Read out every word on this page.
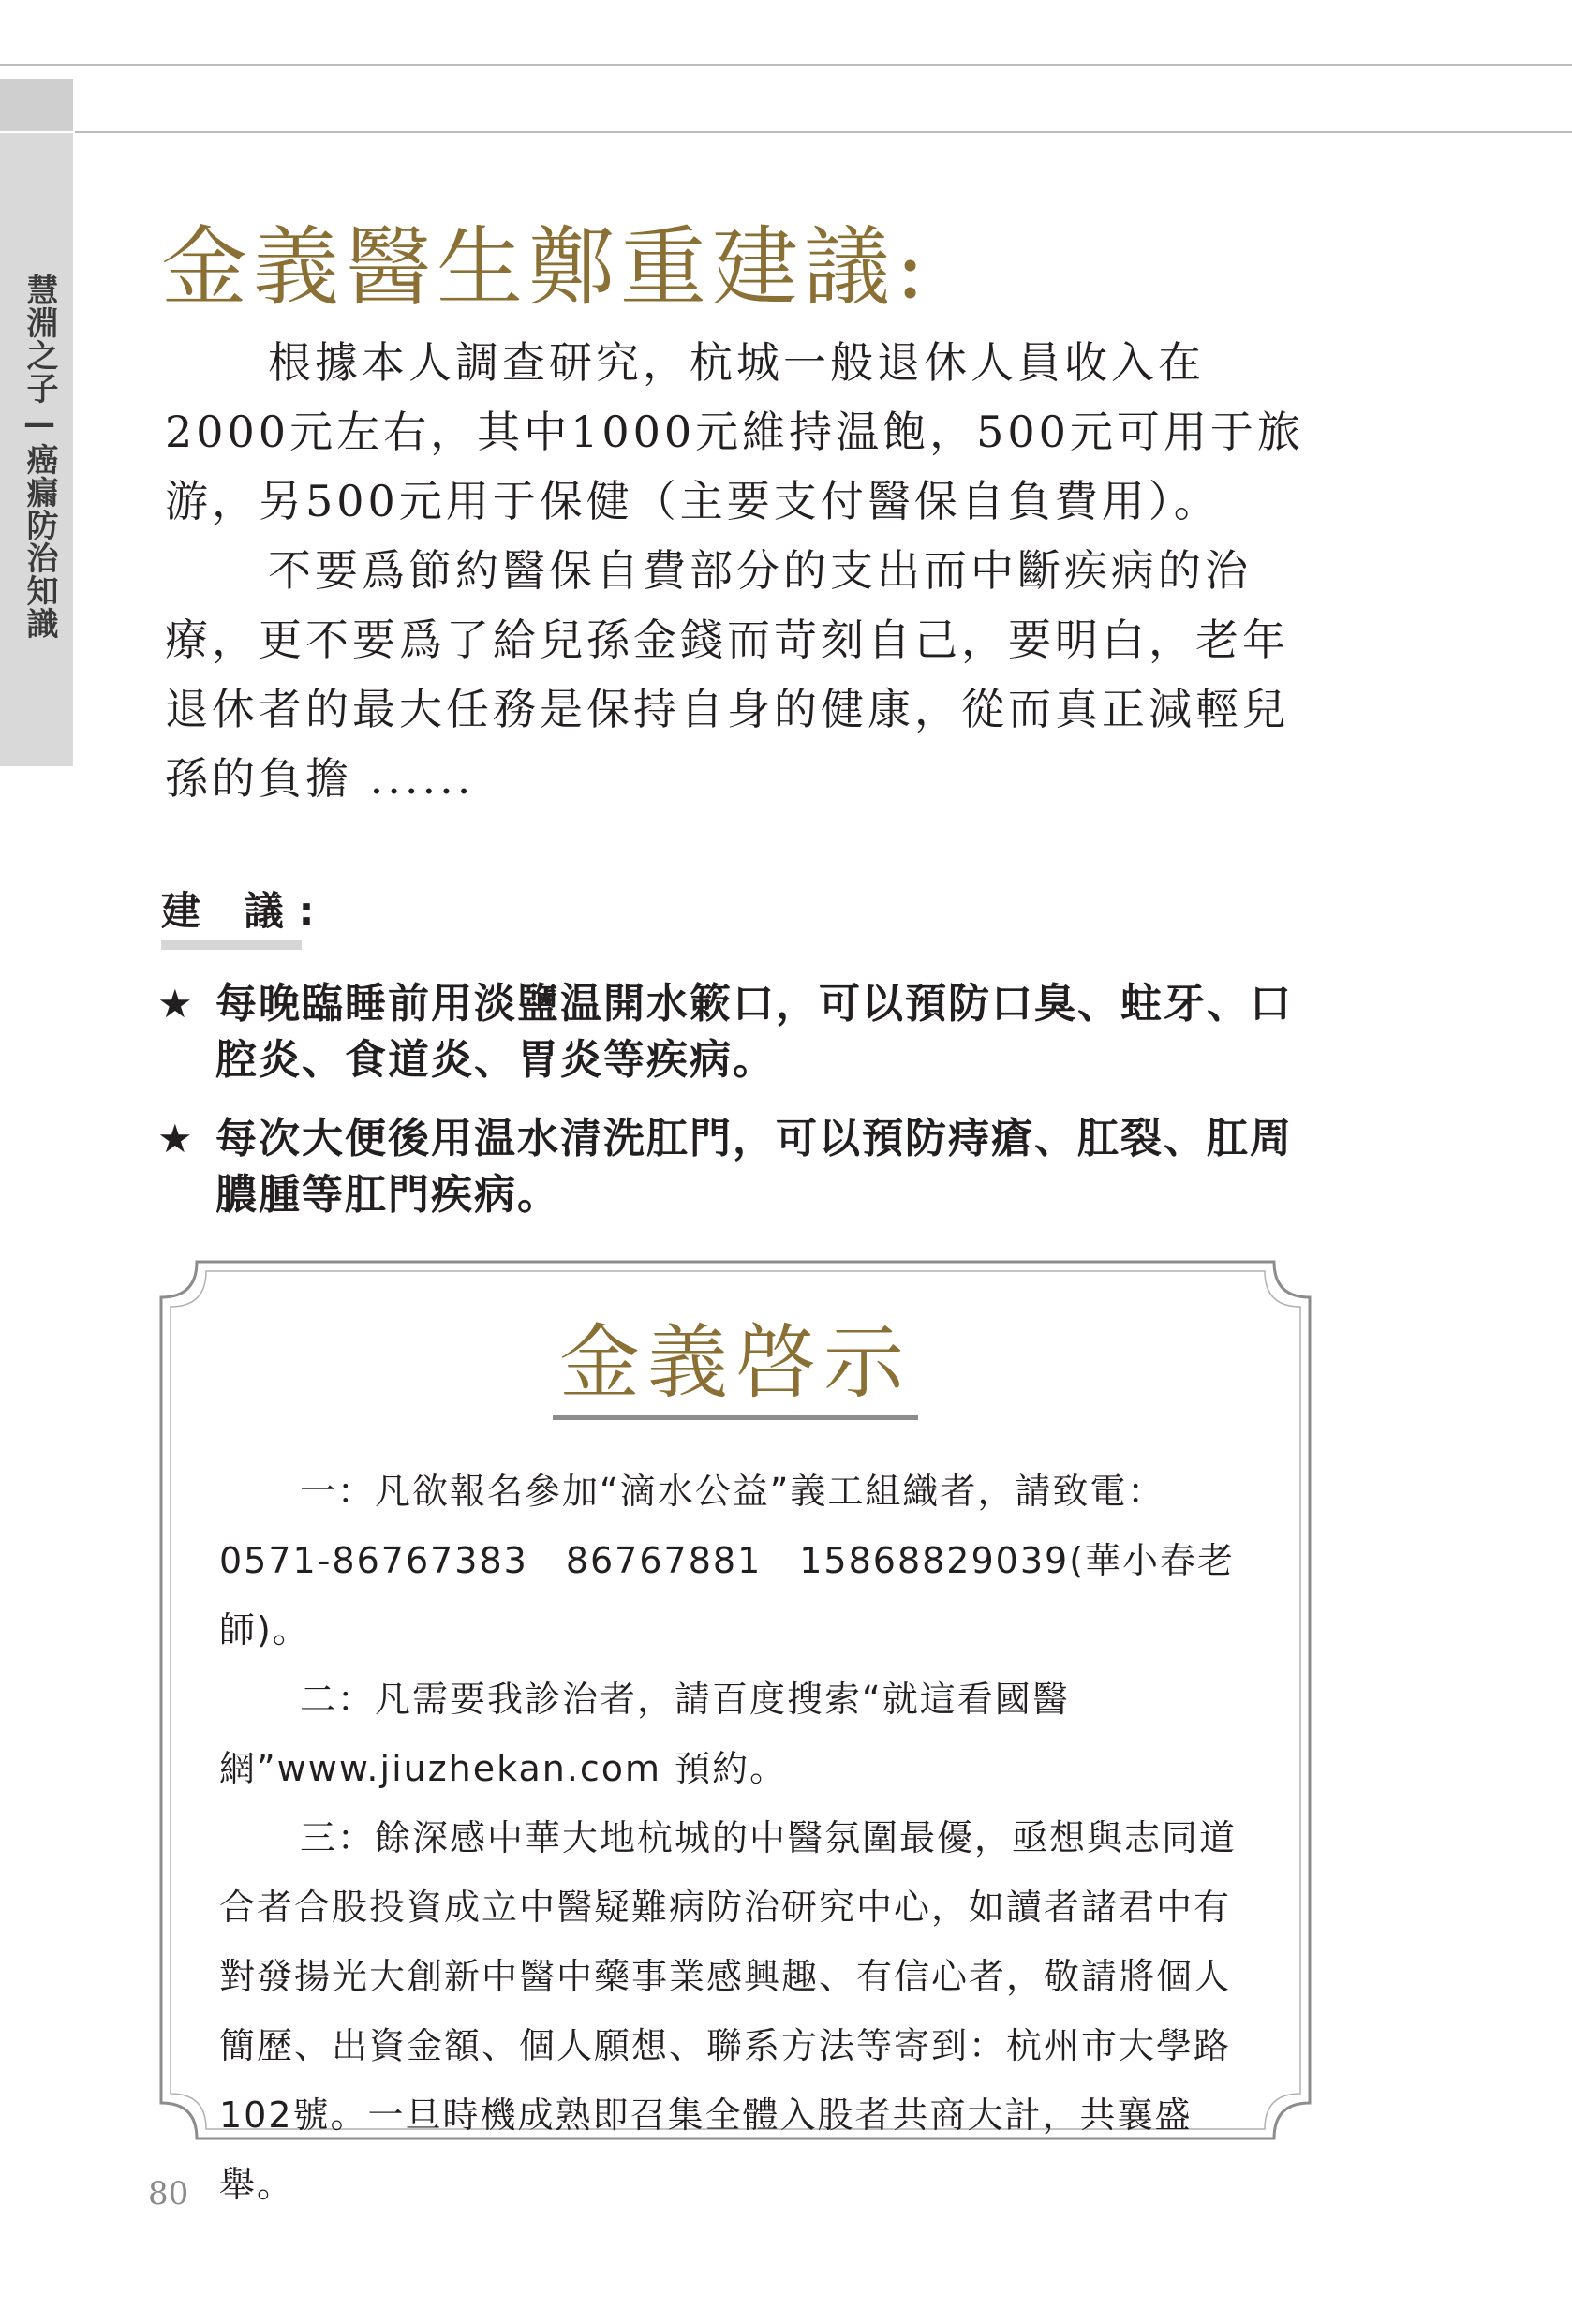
慧淵之子—癌瘺防治知識
金義醫生鄭重建議:

根據本人調查研究，杭城一般退休人員收入在2000元左右，其中1000元維持温飽，500元可用于旅游，另500元用于保健（主要支付醫保自負費用）。

不要爲節約醫保自費部分的支出而中斷疾病的治療，更不要爲了給兒孫金錢而苛刻自己，要明白，老年退休者的最大任務是保持自身的健康，從而真正減輕兒孫的負擔 ......

建 議:
★ 每晚臨睡前用淡鹽温開水簌口，可以預防口臭、蛀牙、口腔炎、食道炎、胃炎等疾病。
★ 每次大便後用温水清洗肛門，可以預防痔瘡、肛裂、肛周膿腫等肛門疾病。
金義啓示

一：凡欲報名參加“滴水公益”義工組織者，請致電：0571-86767383　86767881　15868829039(華小春老師)。

二：凡需要我診治者，請百度搜索“就這看國醫網”www.jiuzhekan.com 預約。

三：餘深感中華大地杭城的中醫氛圍最優，亟想與志同道合者合股投資成立中醫疑難病防治研究中心，如讀者諸君中有對發揚光大創新中醫中藥事業感興趣、有信心者，敬請將個人簡歷、出資金額、個人願想、聯系方法等寄到：杭州市大學路102號。一旦時機成熟即召集全體入股者共商大計，共襄盛舉。

80
